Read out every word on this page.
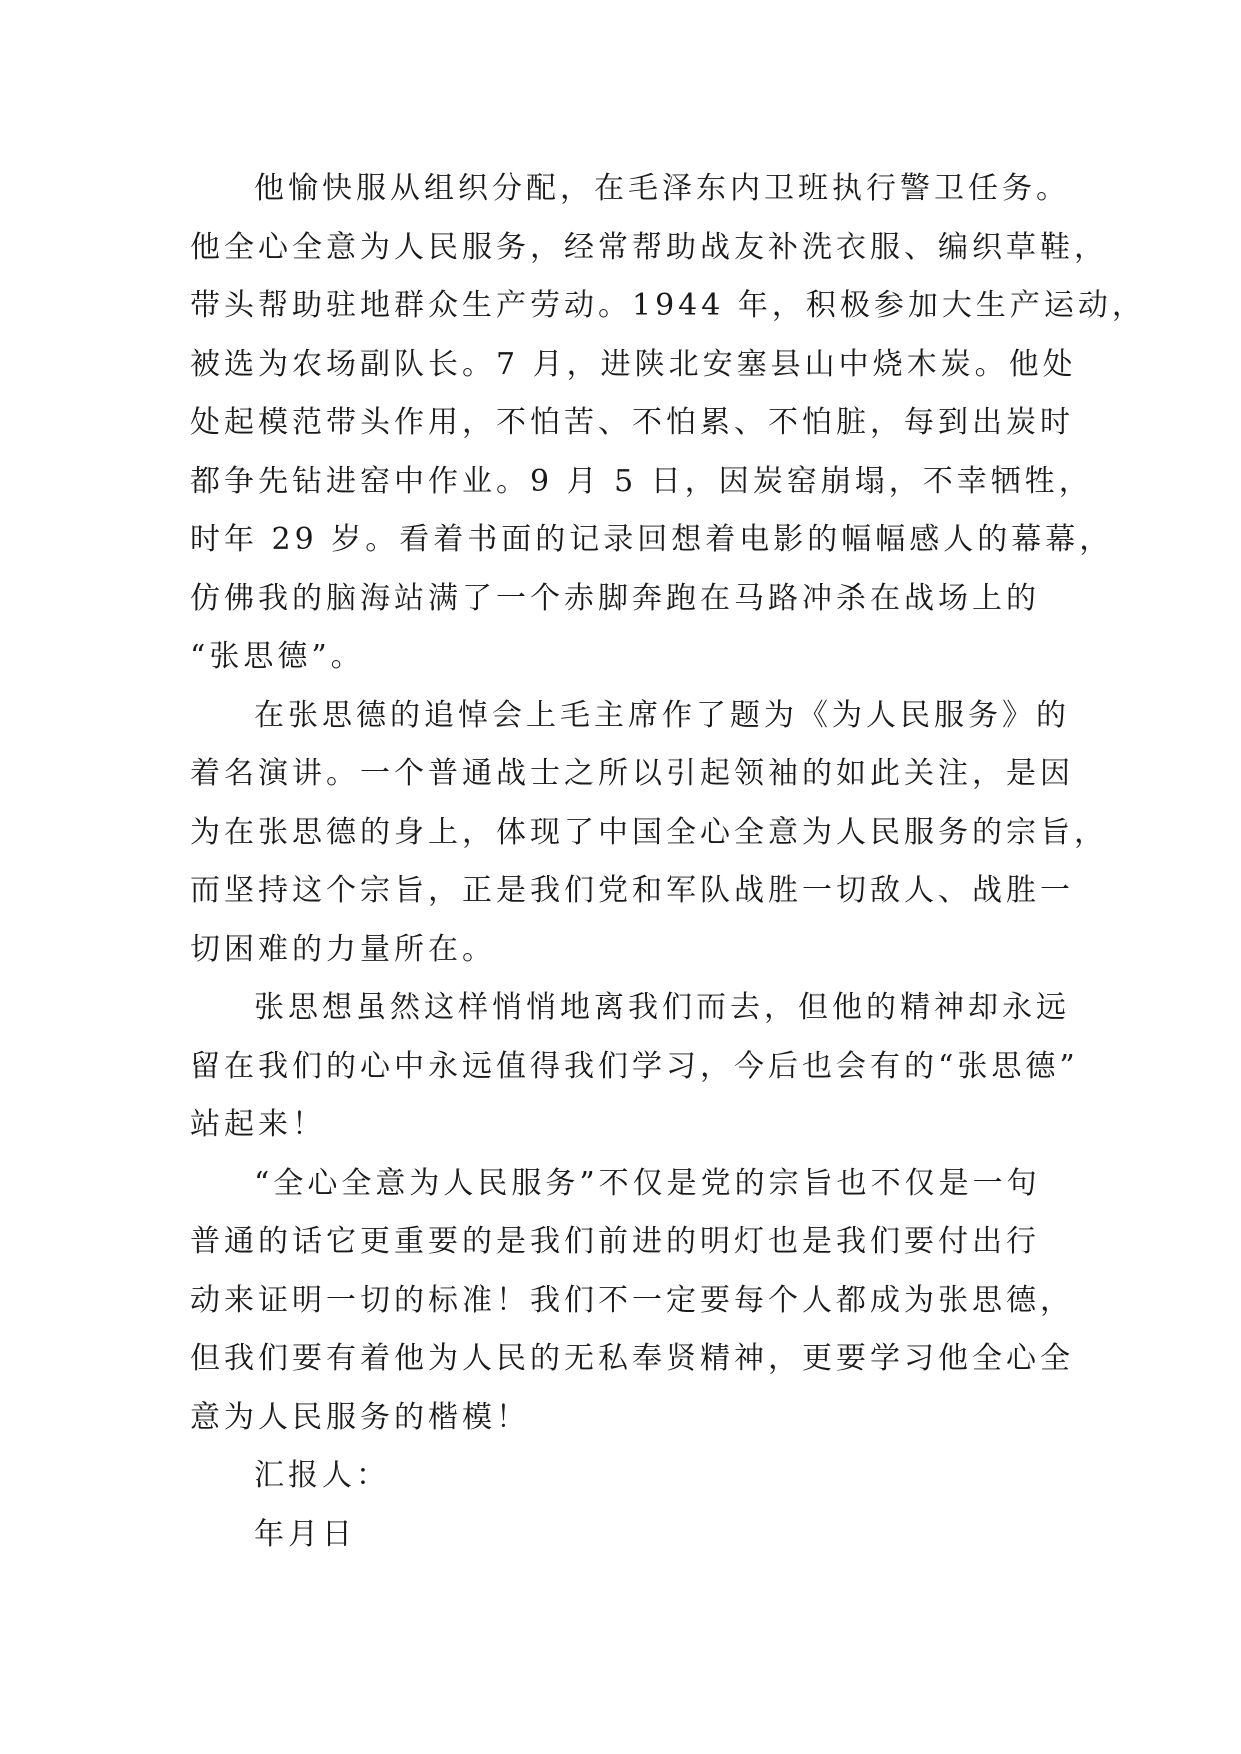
他愉快服从组织分配，在毛泽东内卫班执行警卫任务。
他全心全意为人民服务，经常帮助战友补洗衣服、编织草鞋，
带头帮助驻地群众生产劳动。1944 年，积极参加大生产运动，
被选为农场副队长。7 月，进陕北安塞县山中烧木炭。他处
处起模范带头作用，不怕苦、不怕累、不怕脏，每到出炭时
都争先钻进窑中作业。9 月 5 日，因炭窑崩塌，不幸牺牲，
时年 29 岁。看着书面的记录回想着电影的幅幅感人的幕幕，
仿佛我的脑海站满了一个赤脚奔跑在马路冲杀在战场上的
“张思德”。
在张思德的追悼会上毛主席作了题为《为人民服务》的
着名演讲。一个普通战士之所以引起领袖的如此关注，是因
为在张思德的身上，体现了中国全心全意为人民服务的宗旨，
而坚持这个宗旨，正是我们党和军队战胜一切敌人、战胜一
切困难的力量所在。
张思想虽然这样悄悄地离我们而去，但他的精神却永远
留在我们的心中永远值得我们学习，今后也会有的“张思德”
站起来！
“全心全意为人民服务”不仅是党的宗旨也不仅是一句
普通的话它更重要的是我们前进的明灯也是我们要付出行
动来证明一切的标准！我们不一定要每个人都成为张思德，
但我们要有着他为人民的无私奉贤精神，更要学习他全心全
意为人民服务的楷模！
汇报人：
年月日
